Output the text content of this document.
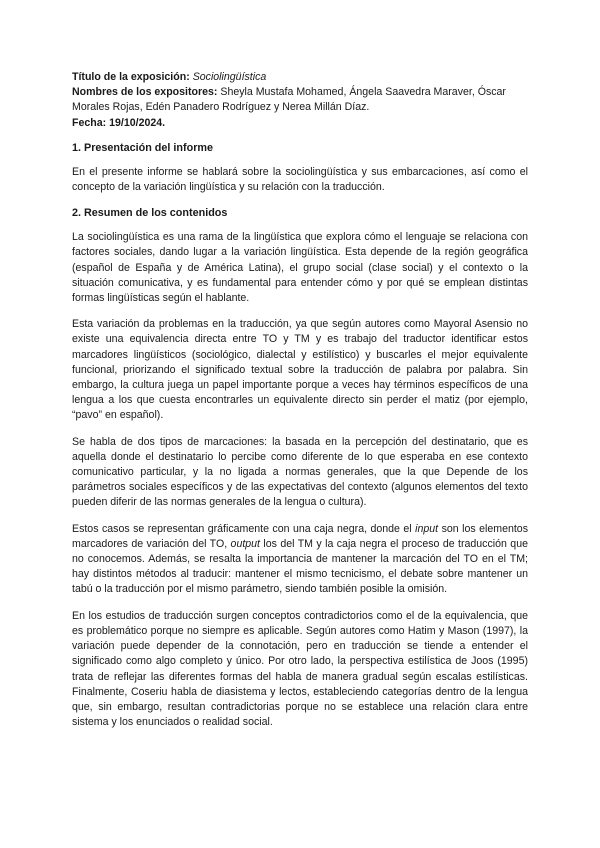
Título de la exposición: Sociolingüística
Nombres de los expositores: Sheyla Mustafa Mohamed, Ángela Saavedra Maraver, Óscar Morales Rojas, Edén Panadero Rodríguez y Nerea Millán Díaz.
Fecha: 19/10/2024.
1. Presentación del informe

En el presente informe se hablará sobre la sociolingüística y sus embarcaciones, así como el concepto de la variación lingüística y su relación con la traducción.

2. Resumen de los contenidos

La sociolingüística es una rama de la lingüística que explora cómo el lenguaje se relaciona con factores sociales, dando lugar a la variación lingüística. Esta depende de la región geográfica (español de España y de América Latina), el grupo social (clase social) y el contexto o la situación comunicativa, y es fundamental para entender cómo y por qué se emplean distintas formas lingüísticas según el hablante.

Esta variación da problemas en la traducción, ya que según autores como Mayoral Asensio no existe una equivalencia directa entre TO y TM y es trabajo del traductor identificar estos marcadores lingüísticos (sociológico, dialectal y estilístico) y buscarles el mejor equivalente funcional, priorizando el significado textual sobre la traducción de palabra por palabra. Sin embargo, la cultura juega un papel importante porque a veces hay términos específicos de una lengua a los que cuesta encontrarles un equivalente directo sin perder el matiz (por ejemplo, “pavo” en español).

Se habla de dos tipos de marcaciones: la basada en la percepción del destinatario, que es aquella donde el destinatario lo percibe como diferente de lo que esperaba en ese contexto comunicativo particular, y la no ligada a normas generales, que la que Depende de los parámetros sociales específicos y de las expectativas del contexto (algunos elementos del texto pueden diferir de las normas generales de la lengua o cultura).

Estos casos se representan gráficamente con una caja negra, donde el input son los elementos marcadores de variación del TO, output los del TM y la caja negra el proceso de traducción que no conocemos. Además, se resalta la importancia de mantener la marcación del TO en el TM; hay distintos métodos al traducir: mantener el mismo tecnicismo, el debate sobre mantener un tabú o la traducción por el mismo parámetro, siendo también posible la omisión.

En los estudios de traducción surgen conceptos contradictorios como el de la equivalencia, que es problemático porque no siempre es aplicable. Según autores como Hatim y Mason (1997), la variación puede depender de la connotación, pero en traducción se tiende a entender el significado como algo completo y único. Por otro lado, la perspectiva estilística de Joos (1995) trata de reflejar las diferentes formas del habla de manera gradual según escalas estilísticas. Finalmente, Coseriu habla de diasistema y lectos, estableciendo categorías dentro de la lengua que, sin embargo, resultan contradictorias porque no se establece una relación clara entre sistema y los enunciados o realidad social.
